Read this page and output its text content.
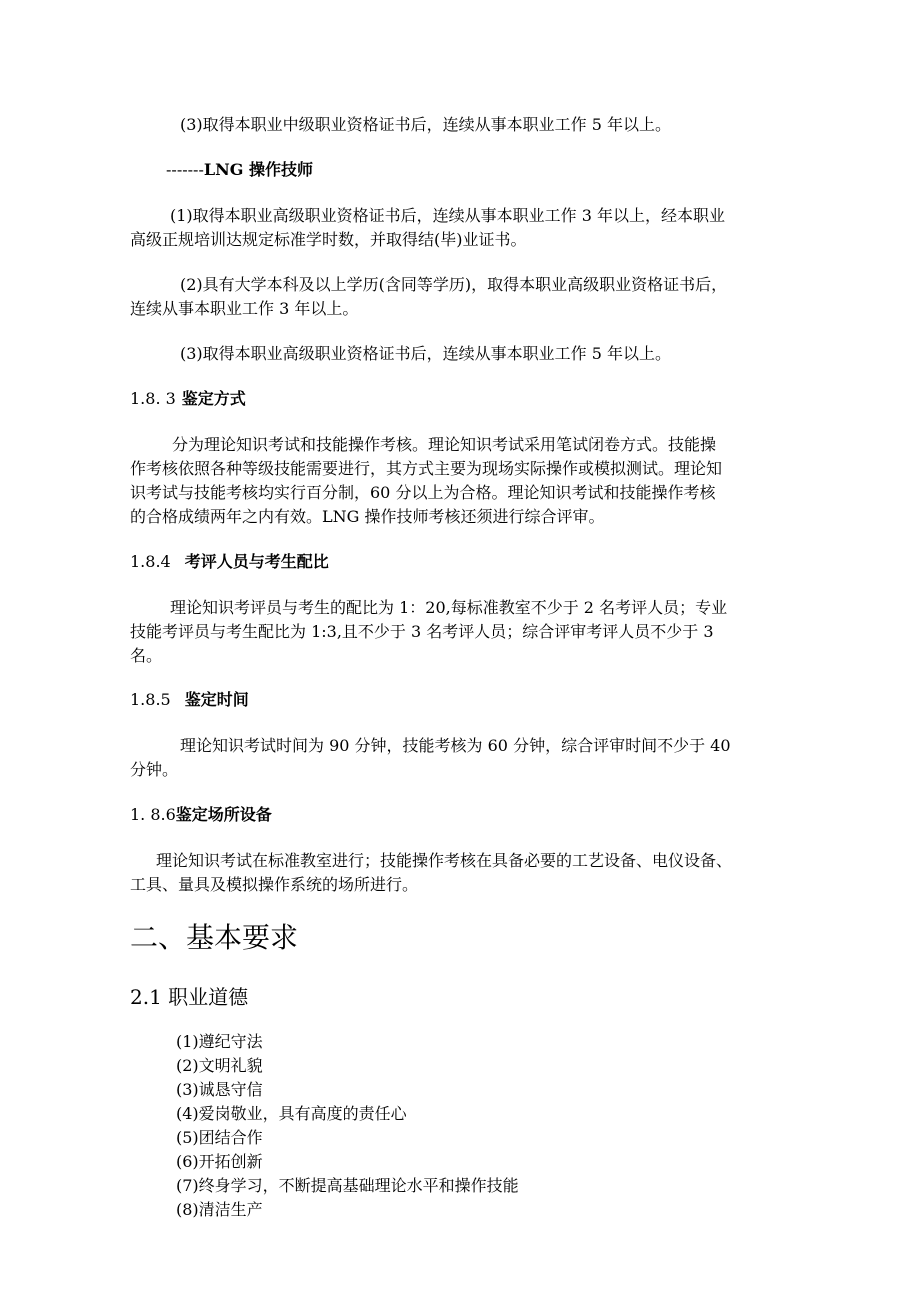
(3)取得本职业中级职业资格证书后，连续从事本职业工作 5 年以上。
-------LNG 操作技师
(1)取得本职业高级职业资格证书后，连续从事本职业工作 3 年以上，经本职业
高级正规培训达规定标准学时数，并取得结(毕)业证书。
(2)具有大学本科及以上学历(含同等学历)，取得本职业高级职业资格证书后，
连续从事本职业工作 3 年以上。
(3)取得本职业高级职业资格证书后，连续从事本职业工作 5 年以上。
1.8. 3 鉴定方式
分为理论知识考试和技能操作考核。理论知识考试采用笔试闭卷方式。技能操
作考核依照各种等级技能需要进行，其方式主要为现场实际操作或模拟测试。理论知
识考试与技能考核均实行百分制，60 分以上为合格。理论知识考试和技能操作考核
的合格成绩两年之内有效。LNG 操作技师考核还须进行综合评审。
1.8.4 考评人员与考生配比
理论知识考评员与考生的配比为 1：20,每标准教室不少于 2 名考评人员；专业
技能考评员与考生配比为 1:3,且不少于 3 名考评人员；综合评审考评人员不少于 3
名。
1.8.5 鉴定时间
理论知识考试时间为 90 分钟，技能考核为 60 分钟，综合评审时间不少于 40
分钟。
1. 8.6鉴定场所设备
理论知识考试在标准教室进行；技能操作考核在具备必要的工艺设备、电仪设备、
工具、量具及模拟操作系统的场所进行。
二、基本要求
2.1 职业道德
(1)遵纪守法
(2)文明礼貌
(3)诚恳守信
(4)爱岗敬业，具有高度的责任心
(5)团结合作
(6)开拓创新
(7)终身学习，不断提高基础理论水平和操作技能
(8)清洁生产
